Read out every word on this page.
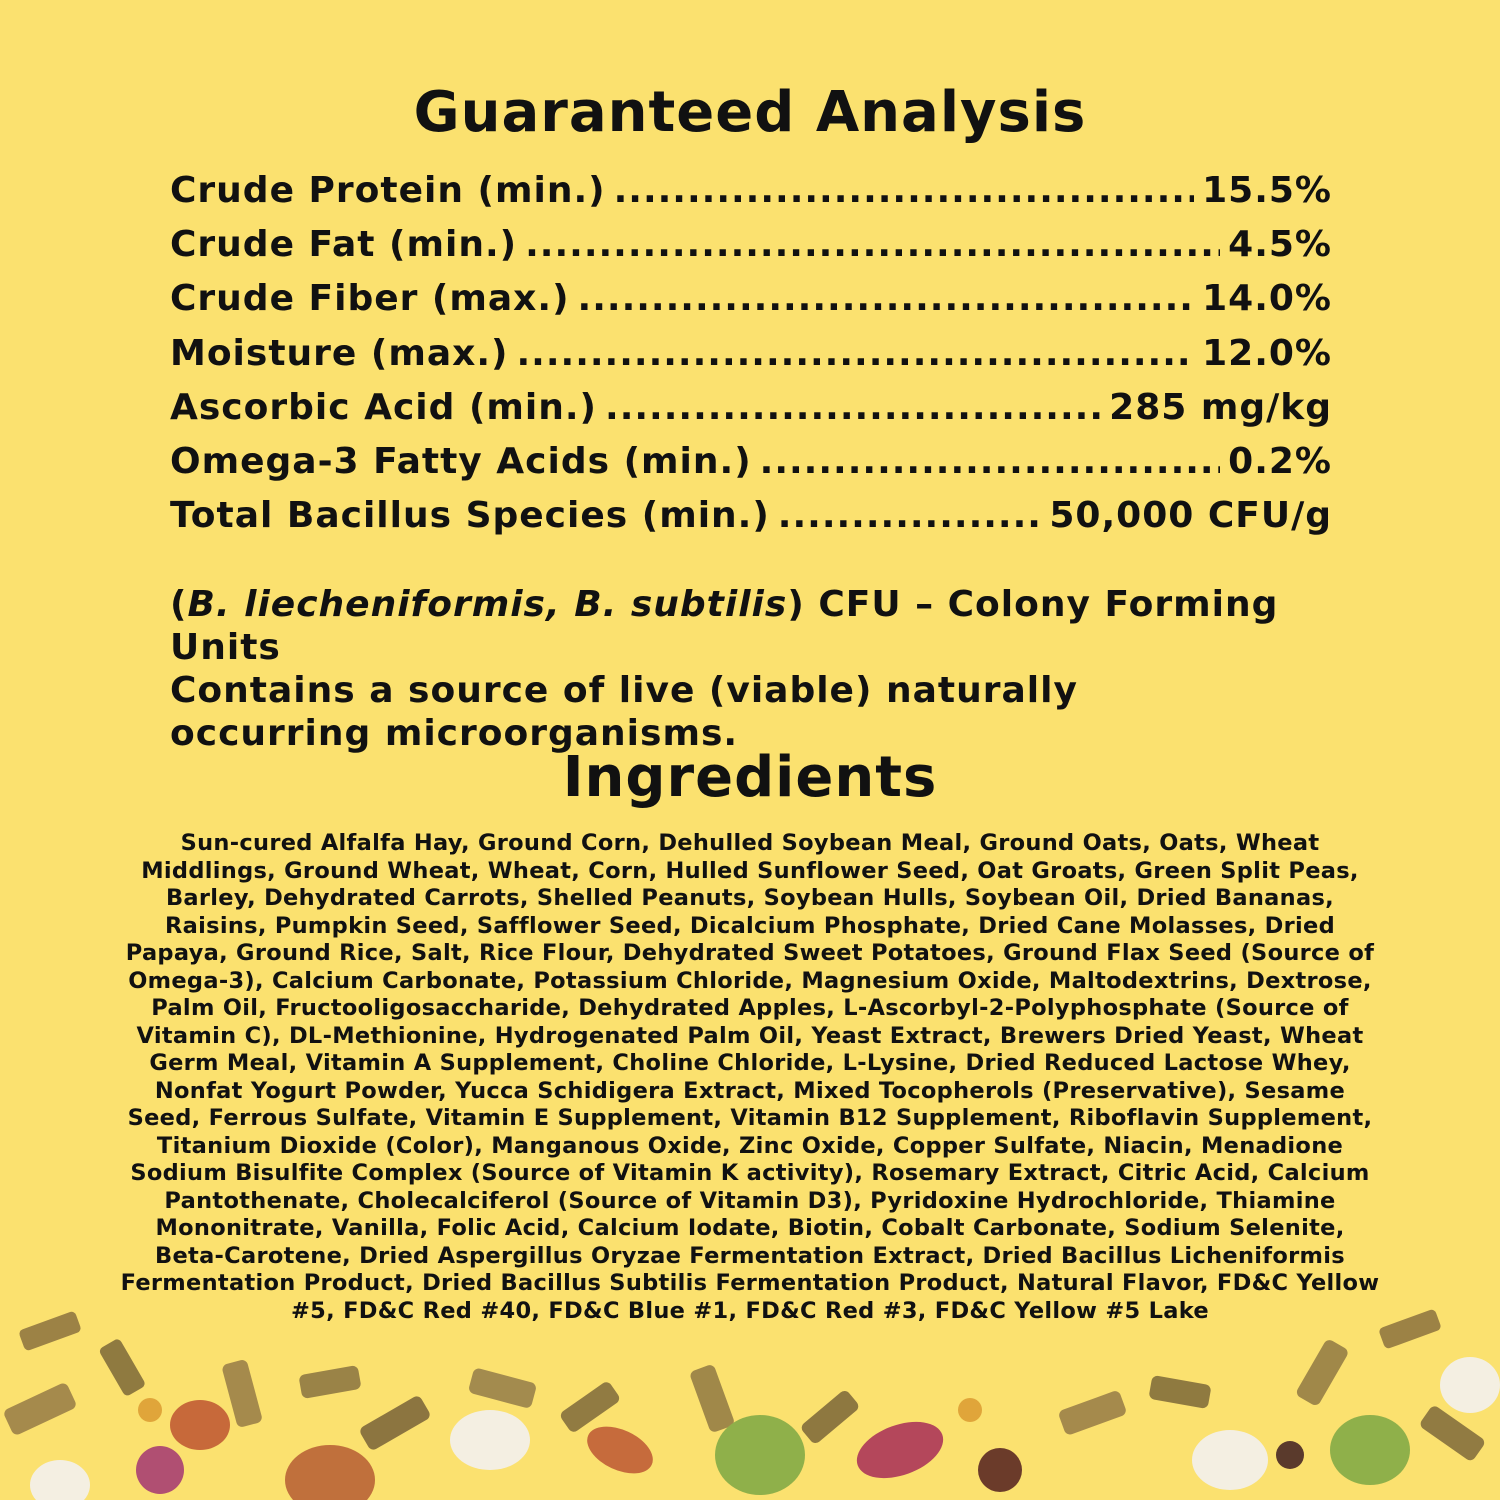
Guaranteed Analysis
Crude Protein (min.) .....	15.5%
Crude Fat (min.) .....	4.5%
Crude Fiber (max.) .....	14.0%
Moisture (max.) .....	12.0%
Ascorbic Acid (min.) .....	285 mg/kg
Omega-3 Fatty Acids (min.) .....	0.2%
Total Bacillus Species (min.) .....	50,000 CFU/g
(B. liecheniformis, B. subtilis) CFU – Colony Forming Units
Contains a source of live (viable) naturally
occurring microorganisms.
Ingredients
Sun-cured Alfalfa Hay, Ground Corn, Dehulled Soybean Meal, Ground Oats, Oats, Wheat Middlings, Ground Wheat, Wheat, Corn, Hulled Sunflower Seed, Oat Groats, Green Split Peas, Barley, Dehydrated Carrots, Shelled Peanuts, Soybean Hulls, Soybean Oil, Dried Bananas, Raisins, Pumpkin Seed, Safflower Seed, Dicalcium Phosphate, Dried Cane Molasses, Dried Papaya, Ground Rice, Salt, Rice Flour, Dehydrated Sweet Potatoes, Ground Flax Seed (Source of Omega-3), Calcium Carbonate, Potassium Chloride, Magnesium Oxide, Maltodextrins, Dextrose, Palm Oil, Fructooligosaccharide, Dehydrated Apples, L-Ascorbyl-2-Polyphosphate (Source of Vitamin C), DL-Methionine, Hydrogenated Palm Oil, Yeast Extract, Brewers Dried Yeast, Wheat Germ Meal, Vitamin A Supplement, Choline Chloride, L-Lysine, Dried Reduced Lactose Whey, Nonfat Yogurt Powder, Yucca Schidigera Extract, Mixed Tocopherols (Preservative), Sesame Seed, Ferrous Sulfate, Vitamin E Supplement, Vitamin B12 Supplement, Riboflavin Supplement, Titanium Dioxide (Color), Manganous Oxide, Zinc Oxide, Copper Sulfate, Niacin, Menadione Sodium Bisulfite Complex (Source of Vitamin K activity), Rosemary Extract, Citric Acid, Calcium Pantothenate, Cholecalciferol (Source of Vitamin D3), Pyridoxine Hydrochloride, Thiamine Mononitrate, Vanilla, Folic Acid, Calcium Iodate, Biotin, Cobalt Carbonate, Sodium Selenite, Beta-Carotene, Dried Aspergillus Oryzae Fermentation Extract, Dried Bacillus Licheniformis Fermentation Product, Dried Bacillus Subtilis Fermentation Product, Natural Flavor, FD&C Yellow #5, FD&C Red #40, FD&C Blue #1, FD&C Red #3, FD&C Yellow #5 Lake
